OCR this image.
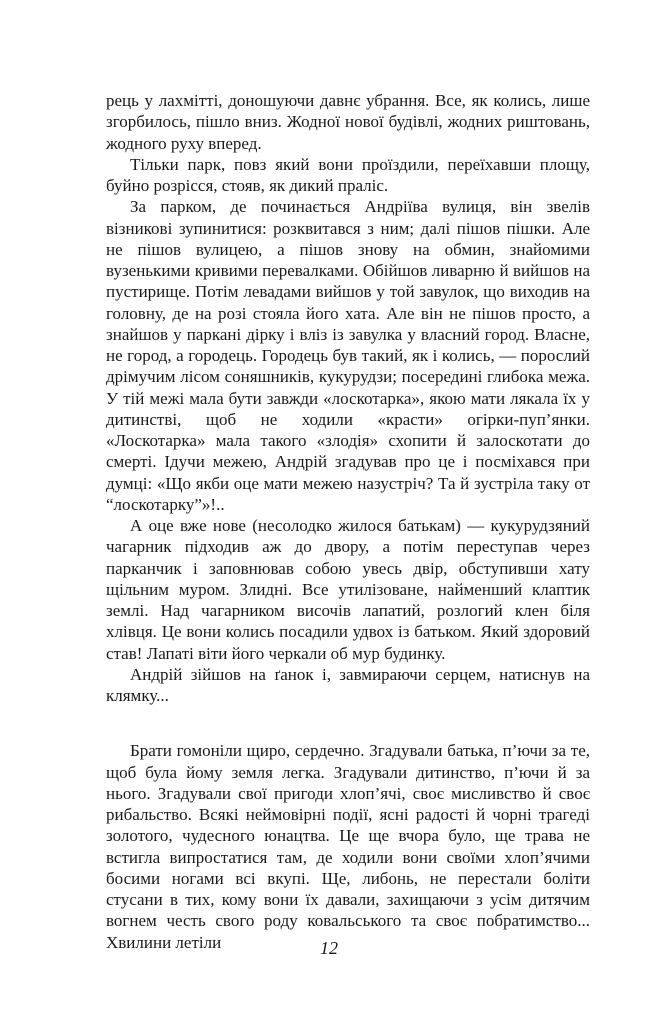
рець у лахмітті, доношуючи давнє убрання. Все, як колись, лише згорбилось, пішло вниз. Жодної нової будівлі, жодних риштовань, жодного руху вперед.

Тільки парк, повз який вони проїздили, переїхавши площу, буйно розрісся, стояв, як дикий праліс.

За парком, де починається Андріїва вулиця, він звелів візникові зупинитися: розквитався з ним; далі пішов пішки. Але не пішов вулицею, а пішов знову на обмин, знайомими вузенькими кривими перевалками. Обійшов ливарню й вийшов на пустирище. Потім левадами вийшов у той завулок, що виходив на головну, де на розі стояла його хата. Але він не пішов просто, а знайшов у паркані дірку і вліз із завулка у власний город. Власне, не город, а городець. Городець був такий, як і колись, — порослий дрімучим лісом соняшників, кукурудзи; посередині глибока межа. У тій межі мала бути завжди «лоскотарка», якою мати лякала їх у дитинстві, щоб не ходили «красти» огірки-пуп’янки. «Лоскотарка» мала такого «злодія» схопити й залоскотати до смерті. Ідучи межею, Андрій згадував про це і посміхався при думці: «Що якби оце мати межею назустріч? Та й зустріла таку от “лоскотарку”»!..

А оце вже нове (несолодко жилося батькам) — кукурудзяний чагарник підходив аж до двору, а потім переступав через парканчик і заповнював собою увесь двір, обступивши хату щільним муром. Злидні. Все утилізоване, найменший клаптик землі. Над чагарником височів лапатий, розлогий клен біля хлівця. Це вони колись посадили удвох із батьком. Який здоровий став! Лапаті віти його черкали об мур будинку.

Андрій зійшов на ґанок і, завмираючи серцем, натиснув на клямку...

Брати гомоніли щиро, сердечно. Згадували батька, п’ючи за те, щоб була йому земля легка. Згадували дитинство, п’ючи й за нього. Згадували свої пригоди хлоп’ячі, своє мисливство й своє рибальство. Всякі неймовірні події, ясні радості й чорні трагеді золотого, чудесного юнацтва. Це ще вчора було, ще трава не встигла випростатися там, де ходили вони своїми хлоп’ячими босими ногами всі вкупі. Ще, либонь, не перестали боліти стусани в тих, кому вони їх давали, захищаючи з усім дитячим вогнем честь свого роду ковальського та своє побратимство... Хвилини летіли	12
